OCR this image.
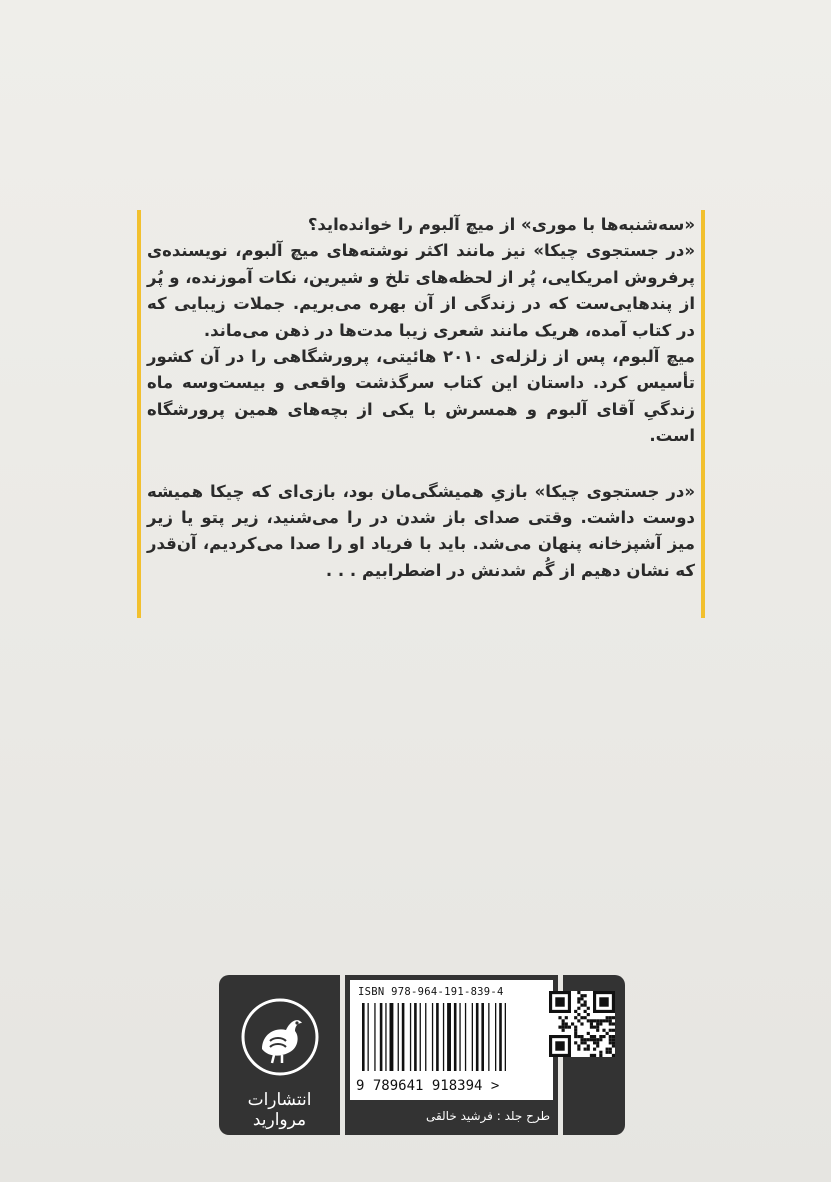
«سه‌شنبه‌ها با موری» از میچ آلبوم را خوانده‌اید؟

«در جستجوی چیکا» نیز مانند اکثر نوشته‌های میچ آلبوم، نویسنده‌ی پرفروش امریکایی، پُر از لحظه‌های تلخ و شیرین، نکات آموزنده، و پُر از پندهایی‌ست که در زندگی از آن بهره می‌بریم. جملات زیبایی که در کتاب آمده، هریک مانند شعری زیبا مدت‌ها در ذهن می‌ماند.

میچ آلبوم، پس از زلزله‌ی ۲۰۱۰ هائیتی، پرورشگاهی را در آن کشور تأسیس کرد. داستان این کتاب سرگذشت واقعی و بیست‌وسه ماه زندگیِ آقای آلبوم و همسرش با یکی از بچه‌های همین پرورشگاه است.

«در جستجوی چیکا» بازیِ همیشگی‌مان بود، بازی‌ای که چیکا همیشه دوست داشت. وقتی صدای باز شدن در را می‌شنید، زیر پتو یا زیر میز آشپزخانه پنهان می‌شد. باید با فریاد او را صدا می‌کردیم، آن‌قدر که نشان دهیم از گُم شدنش در اضطرابیم . . .

انتشارات مروارید
ISBN 978-964-191-839-4
9 789641 918394 >
طرح جلد : فرشید خالقی
